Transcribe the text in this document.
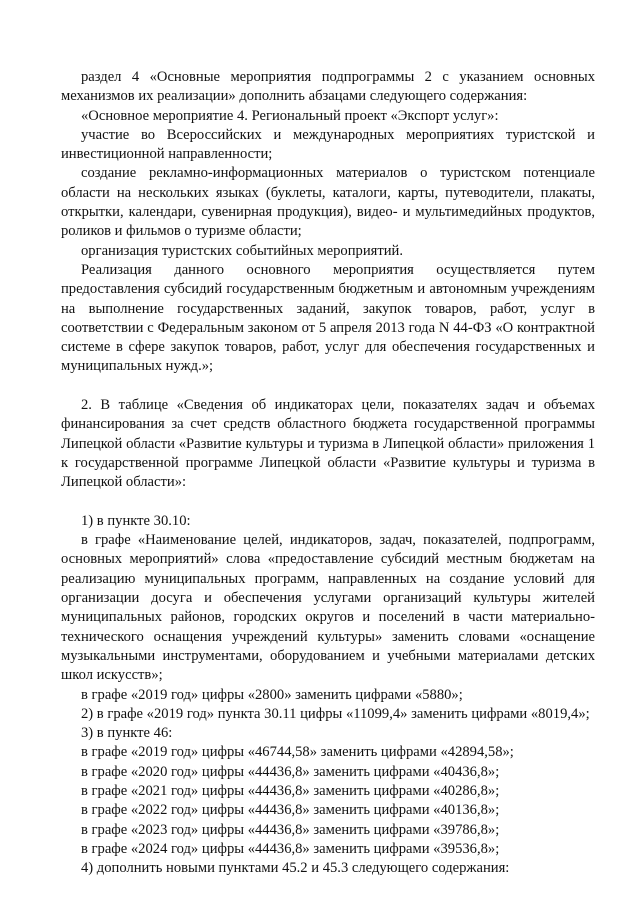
раздел 4 «Основные мероприятия подпрограммы 2 с указанием основных механизмов их реализации» дополнить абзацами следующего содержания:

«Основное мероприятие 4. Региональный проект «Экспорт услуг»:

участие во Всероссийских и международных мероприятиях туристской и инвестиционной направленности;

создание рекламно-информационных материалов о туристском потенциале области на нескольких языках (буклеты, каталоги, карты, путеводители, плакаты, открытки, календари, сувенирная продукция), видео- и мультимедийных продуктов, роликов и фильмов о туризме области;

организация туристских событийных мероприятий.

Реализация данного основного мероприятия осуществляется путем предоставления субсидий государственным бюджетным и автономным учреждениям на выполнение государственных заданий, закупок товаров, работ, услуг в соответствии с Федеральным законом от 5 апреля 2013 года N 44-ФЗ «О контрактной системе в сфере закупок товаров, работ, услуг для обеспечения государственных и муниципальных нужд.»;

2. В таблице «Сведения об индикаторах цели, показателях задач и объемах финансирования за счет средств областного бюджета государственной программы Липецкой области «Развитие культуры и туризма в Липецкой области» приложения 1 к государственной программе Липецкой области «Развитие культуры и туризма в Липецкой области»:

1) в пункте 30.10:

в графе «Наименование целей, индикаторов, задач, показателей, подпрограмм, основных мероприятий» слова «предоставление субсидий местным бюджетам на реализацию муниципальных программ, направленных на создание условий для организации досуга и обеспечения услугами организаций культуры жителей муниципальных районов, городских округов и поселений в части материально-технического оснащения учреждений культуры» заменить словами «оснащение музыкальными инструментами, оборудованием и учебными материалами детских школ искусств»;

в графе «2019 год» цифры «2800» заменить цифрами «5880»;

2) в графе «2019 год» пункта 30.11 цифры «11099,4» заменить цифрами «8019,4»;

3) в пункте 46:

в графе «2019 год» цифры «46744,58» заменить цифрами «42894,58»;

в графе «2020 год» цифры «44436,8» заменить цифрами «40436,8»;

в графе «2021 год» цифры «44436,8» заменить цифрами «40286,8»;

в графе «2022 год» цифры «44436,8» заменить цифрами «40136,8»;

в графе «2023 год» цифры «44436,8» заменить цифрами «39786,8»;

в графе «2024 год» цифры «44436,8» заменить цифрами «39536,8»;

4) дополнить новыми пунктами 45.2 и 45.3 следующего содержания:
